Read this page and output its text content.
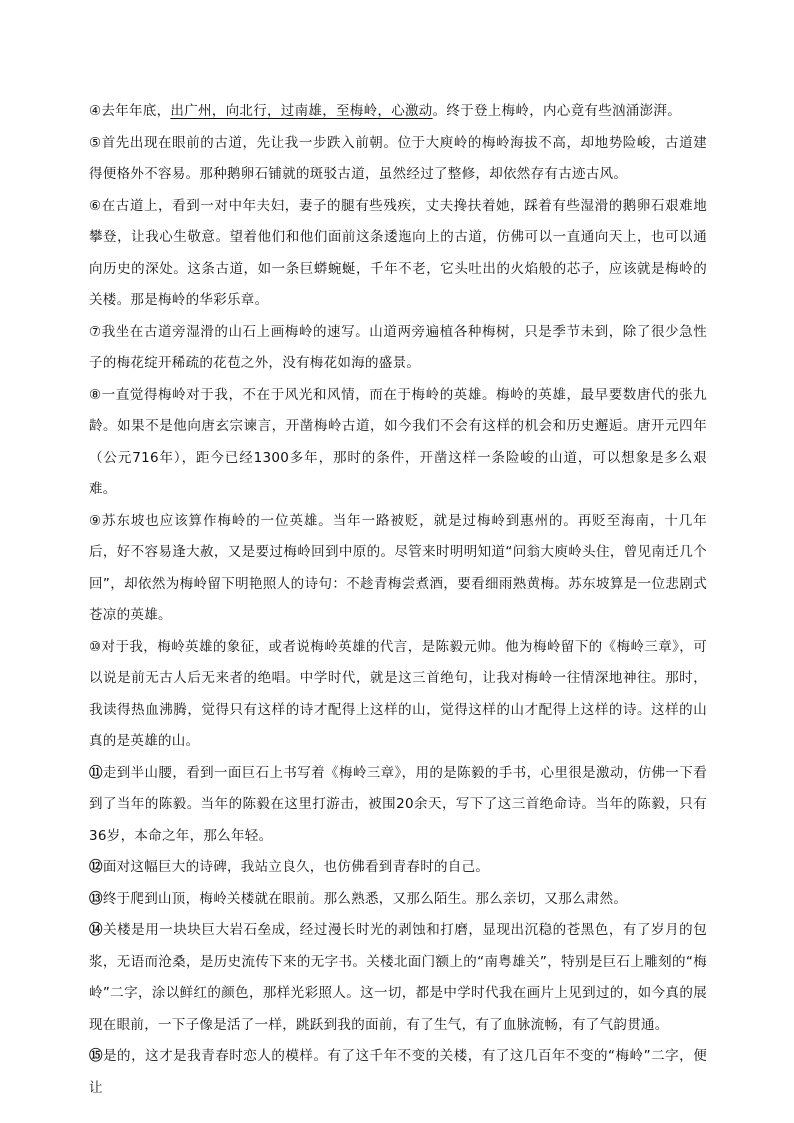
④去年年底，出广州，向北行，过南雄，至梅岭，心激动。终于登上梅岭，内心竟有些汹涌澎湃。

⑤首先出现在眼前的古道，先让我一步跌入前朝。位于大庾岭的梅岭海拔不高，却地势险峻，古道建得便格外不容易。那种鹅卵石铺就的斑驳古道，虽然经过了整修，却依然存有古迹古风。

⑥在古道上，看到一对中年夫妇，妻子的腿有些残疾，丈夫搀扶着她，踩着有些湿滑的鹅卵石艰难地攀登，让我心生敬意。望着他们和他们面前这条逶迤向上的古道，仿佛可以一直通向天上，也可以通向历史的深处。这条古道，如一条巨蟒蜿蜒，千年不老，它头吐出的火焰般的芯子，应该就是梅岭的关楼。那是梅岭的华彩乐章。

⑦我坐在古道旁湿滑的山石上画梅岭的速写。山道两旁遍植各种梅树，只是季节未到，除了很少急性子的梅花绽开稀疏的花苞之外，没有梅花如海的盛景。

⑧一直觉得梅岭对于我，不在于风光和风情，而在于梅岭的英雄。梅岭的英雄，最早要数唐代的张九龄。如果不是他向唐玄宗谏言，开凿梅岭古道，如今我们不会有这样的机会和历史邂逅。唐开元四年（公元716年），距今已经1300多年，那时的条件，开凿这样一条险峻的山道，可以想象是多么艰难。

⑨苏东坡也应该算作梅岭的一位英雄。当年一路被贬，就是过梅岭到惠州的。再贬至海南，十几年后，好不容易逢大赦，又是要过梅岭回到中原的。尽管来时明明知道“问翁大庾岭头住，曾见南迁几个回”，却依然为梅岭留下明艳照人的诗句：不趁青梅尝煮酒，要看细雨熟黄梅。苏东坡算是一位悲剧式苍凉的英雄。

⑩对于我，梅岭英雄的象征，或者说梅岭英雄的代言，是陈毅元帅。他为梅岭留下的《梅岭三章》，可以说是前无古人后无来者的绝唱。中学时代，就是这三首绝句，让我对梅岭一往情深地神往。那时，我读得热血沸腾，觉得只有这样的诗才配得上这样的山，觉得这样的山才配得上这样的诗。这样的山真的是英雄的山。

⑪走到半山腰，看到一面巨石上书写着《梅岭三章》，用的是陈毅的手书，心里很是激动，仿佛一下看到了当年的陈毅。当年的陈毅在这里打游击，被围20余天，写下了这三首绝命诗。当年的陈毅，只有36岁，本命之年，那么年轻。

⑫面对这幅巨大的诗碑，我站立良久，也仿佛看到青春时的自己。

⑬终于爬到山顶，梅岭关楼就在眼前。那么熟悉，又那么陌生。那么亲切，又那么肃然。

⑭关楼是用一块块巨大岩石垒成，经过漫长时光的剥蚀和打磨，显现出沉稳的苍黑色，有了岁月的包浆，无语而沧桑，是历史流传下来的无字书。关楼北面门额上的“南粤雄关”，特别是巨石上雕刻的“梅岭”二字，涂以鲜红的颜色，那样光彩照人。这一切，都是中学时代我在画片上见到过的，如今真的展现在眼前，一下子像是活了一样，跳跃到我的面前，有了生气，有了血脉流畅，有了气韵贯通。

⑮是的，这才是我青春时恋人的模样。有了这千年不变的关楼，有了这几百年不变的“梅岭”二字，便让
